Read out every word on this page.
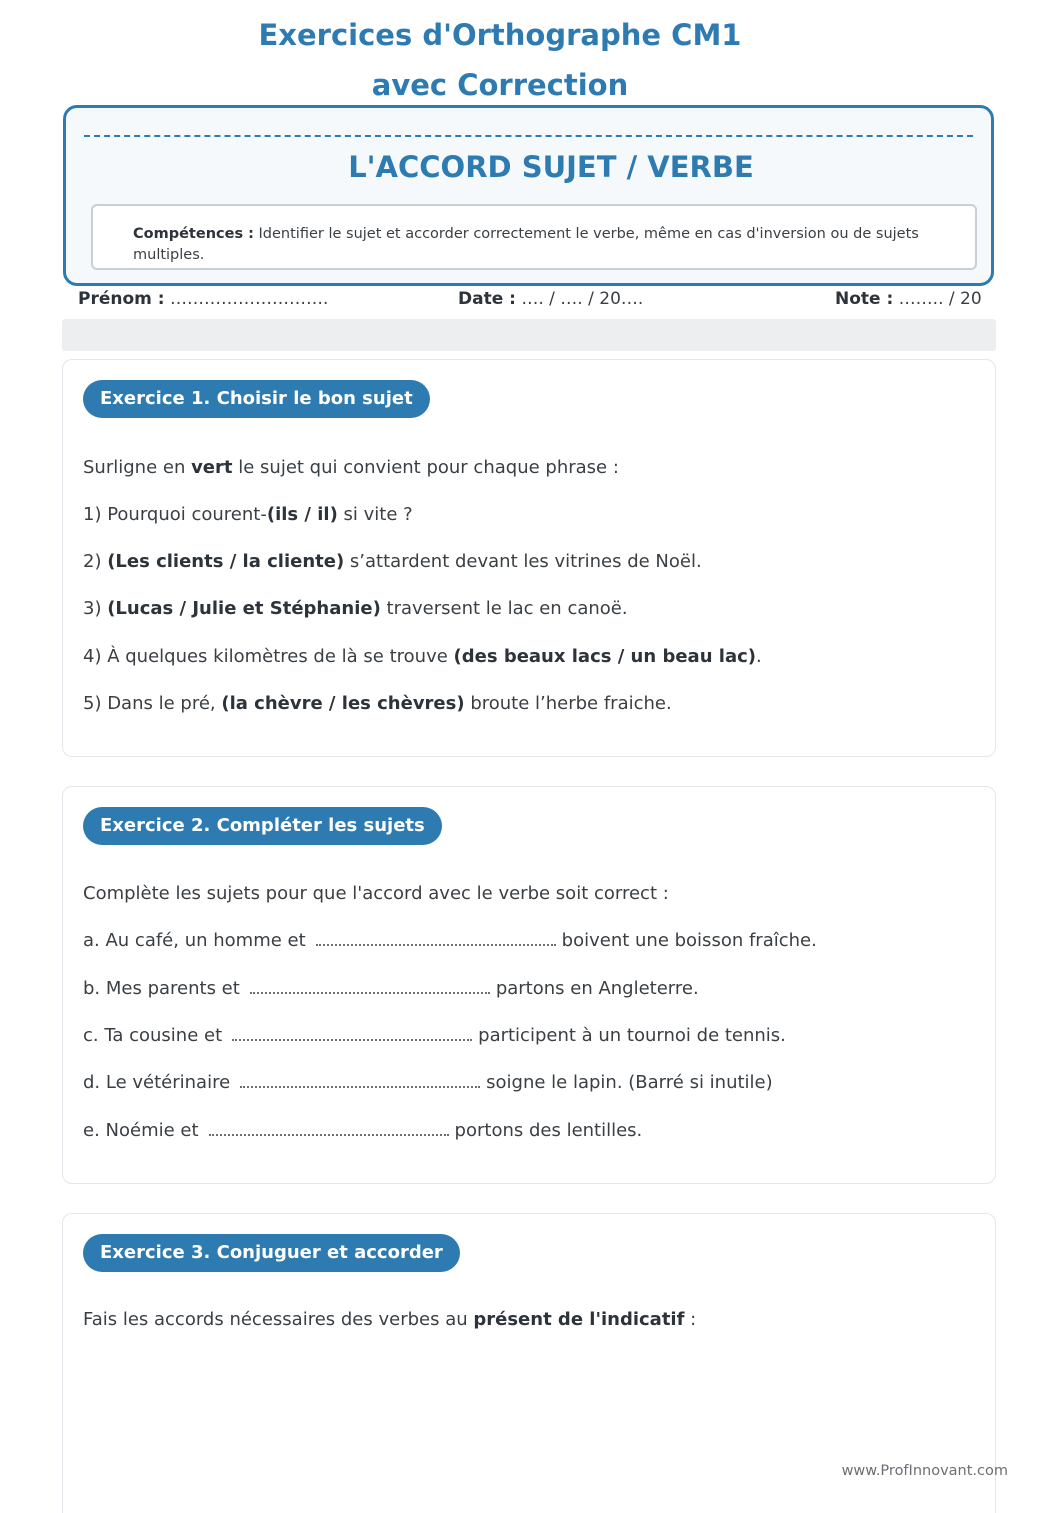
Exercices d'Orthographe CM1
avec Correction
L'ACCORD SUJET / VERBE
Compétences : Identifier le sujet et accorder correctement le verbe, même en cas d'inversion ou de sujets multiples.
Prénom : ……………………….	Date : …. / …. / 20….	Note : …….. / 20
Exercice 1. Choisir le bon sujet
Surligne en vert le sujet qui convient pour chaque phrase :
1) Pourquoi courent-(ils / il) si vite ?
2) (Les clients / la cliente) s’attardent devant les vitrines de Noël.
3) (Lucas / Julie et Stéphanie) traversent le lac en canoë.
4) À quelques kilomètres de là se trouve (des beaux lacs / un beau lac).
5) Dans le pré, (la chèvre / les chèvres) broute l’herbe fraiche.
Exercice 2. Compléter les sujets
Complète les sujets pour que l'accord avec le verbe soit correct :
a. Au café, un homme et	boivent une boisson fraîche.
b. Mes parents et	partons en Angleterre.
c. Ta cousine et	participent à un tournoi de tennis.
d. Le vétérinaire	soigne le lapin. (Barré si inutile)
e. Noémie et	portons des lentilles.
Exercice 3. Conjuguer et accorder
Fais les accords nécessaires des verbes au présent de l'indicatif :
www.ProfInnovant.com
